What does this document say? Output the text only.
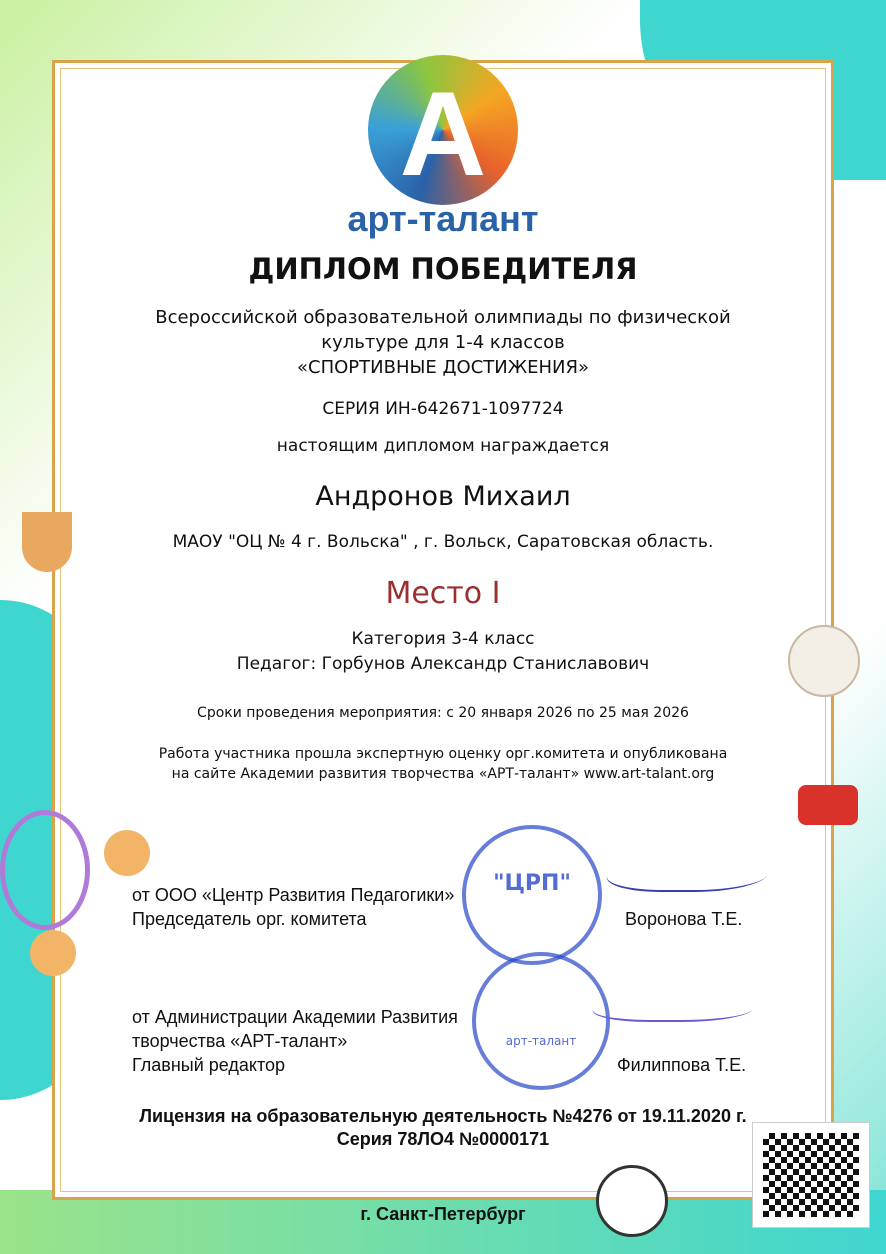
A
арт-талант
ДИПЛОМ ПОБЕДИТЕЛЯ
Всероссийской образовательной олимпиады по физической
культуре для 1-4 классов
«СПОРТИВНЫЕ ДОСТИЖЕНИЯ»
СЕРИЯ ИН-642671-1097724
настоящим дипломом награждается
Андронов Михаил
МАОУ "ОЦ № 4 г. Вольска" , г. Вольск, Саратовская область.
Место I
Категория 3-4 класс
Педагог: Горбунов Александр Станиславович
Сроки проведения мероприятия: с 20 января 2026 по 25 мая 2026
Работа участника прошла экспертную оценку орг.комитета и опубликована
на сайте Академии развития творчества «АРТ-талант» www.art-talant.org
"ЦРП"
арт-талант
от ООО «Центр Развития Педагогики»
Председатель орг. комитета	Воронова Т.Е.
от Администрации Академии Развития
творчества «АРТ-талант»
Главный редактор	Филиппова Т.Е.
Лицензия на образовательную деятельность №4276 от 19.11.2020 г.
Серия 78ЛО4 №0000171
г. Санкт-Петербург
